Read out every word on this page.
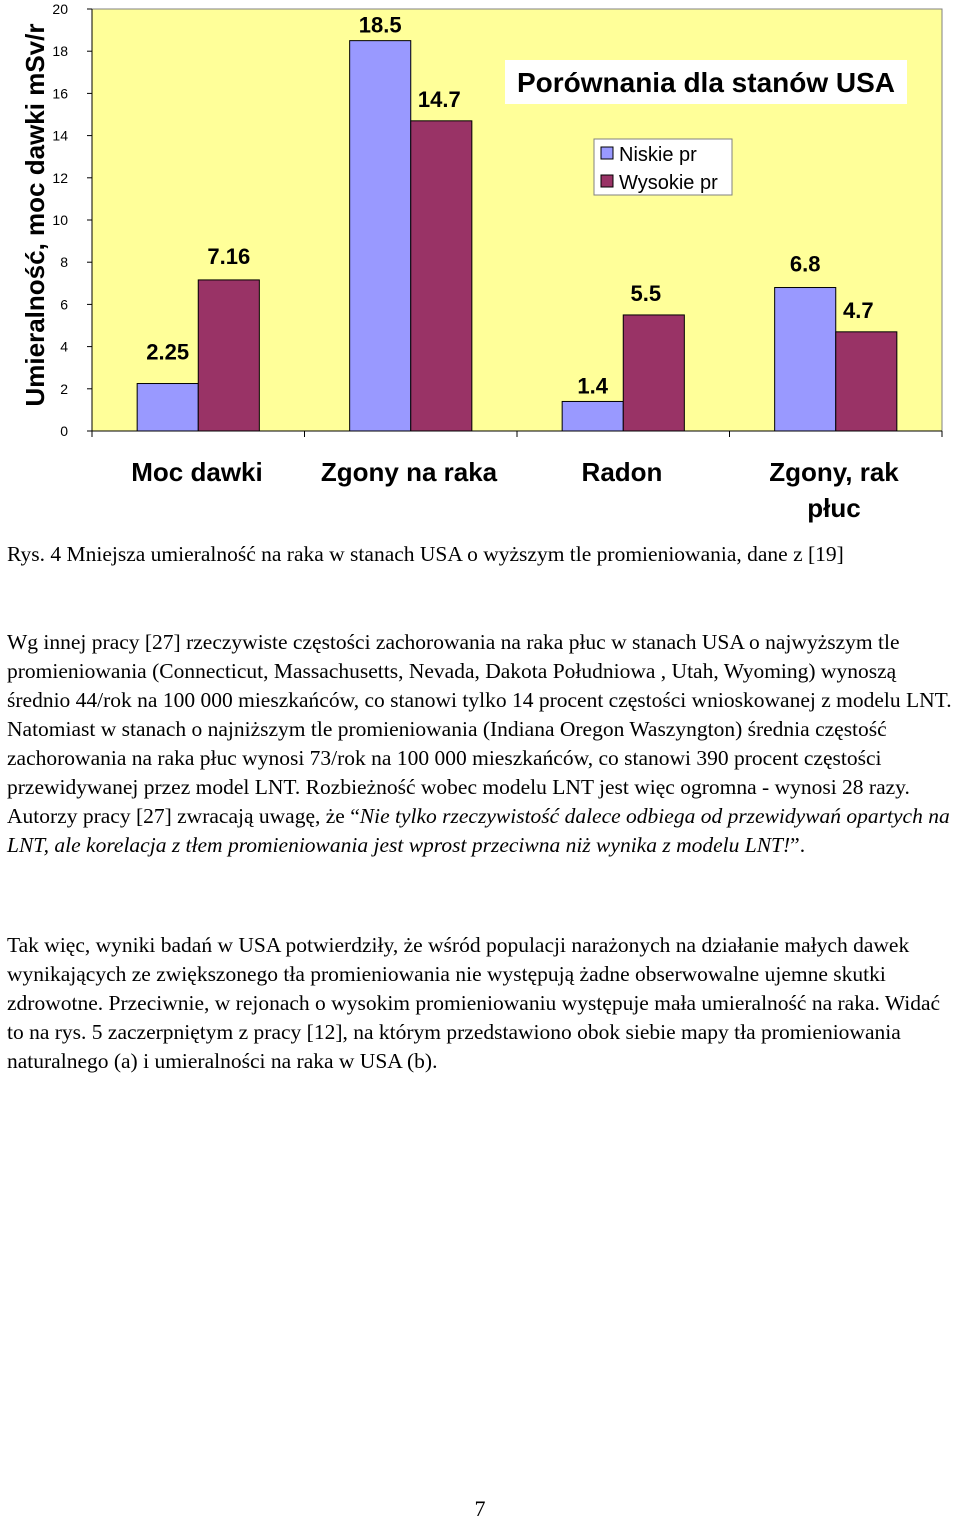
0
2
4
6
8
10
12
14
16
18
20
2.25
18.5
1.4
6.8
7.16
14.7
5.5
4.7
Moc dawki Zgony na raka	Radon	Zgony, rak
płuc
Umieralność, moc dawki mSv/r	Porównania dla stanów USA
Niskie pr
Wysokie pr

Rys. 4 Mniejsza umieralność na raka w stanach USA o wyższym tle promieniowania, dane z [19]

Wg innej pracy [27] rzeczywiste częstości zachorowania na raka płuc w stanach USA o najwyższym tle promieniowania (Connecticut, Massachusetts, Nevada, Dakota Południowa , Utah, Wyoming) wynoszą średnio 44/rok na 100 000 mieszkańców, co stanowi tylko 14 procent częstości wnioskowanej z modelu LNT. Natomiast w stanach o najniższym tle promieniowania (Indiana Oregon Waszyngton) średnia częstość zachorowania na raka płuc wynosi 73/rok na 100 000 mieszkańców, co stanowi 390 procent częstości przewidywanej przez model LNT. Rozbieżność wobec modelu LNT jest więc ogromna - wynosi 28 razy. Autorzy pracy [27] zwracają uwagę, że “Nie tylko rzeczywistość dalece odbiega od przewidywań opartych na LNT, ale korelacja z tłem promieniowania jest wprost przeciwna niż wynika z modelu LNT!”.

Tak więc, wyniki badań w USA potwierdziły, że wśród populacji narażonych na działanie małych dawek wynikających ze zwiększonego tła promieniowania nie występują żadne obserwowalne ujemne skutki zdrowotne. Przeciwnie, w rejonach o wysokim promieniowaniu występuje mała umieralność na raka. Widać to na rys. 5 zaczerpniętym z pracy [12], na którym przedstawiono obok siebie mapy tła promieniowania naturalnego (a) i umieralności na raka w USA (b).

7
